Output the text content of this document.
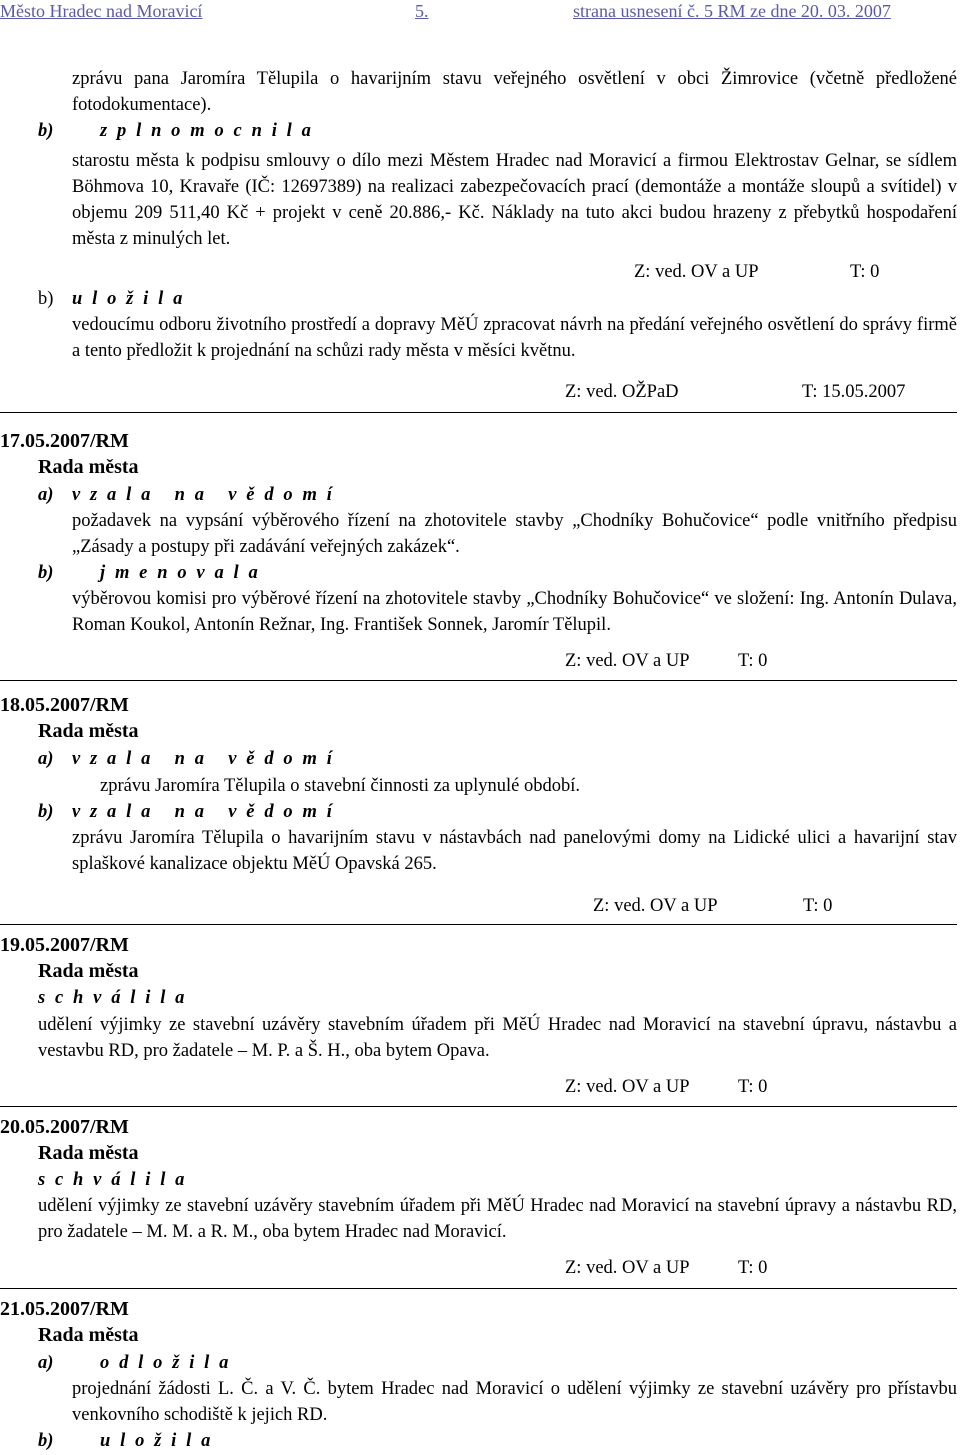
Město Hradec nad Moravicí	5.	strana usnesení č. 5 RM ze dne 20. 03. 2007
zprávu pana Jaromíra Tělupila o havarijním stavu veřejného osvětlení v obci Žimrovice (včetně předložené fotodokumentace).
b)	z p l n o m o c n i l a
starostu města k podpisu smlouvy o dílo mezi Městem Hradec nad Moravicí a firmou Elektrostav Gelnar, se sídlem Böhmova 10, Kravaře (IČ: 12697389) na realizaci zabezpečovacích prací (demontáže a montáže sloupů a svítidel) v objemu 209 511,40 Kč + projekt v ceně 20.886,- Kč. Náklady na tuto akci budou hrazeny z přebytků hospodaření města z minulých let.
Z: ved. OV a UP	T: 0
b) u l o ž i l a
vedoucímu odboru životního prostředí a dopravy MěÚ zpracovat návrh na předání veřejného osvětlení do správy firmě a tento předložit k projednání na schůzi rady města v měsíci květnu.
Z: ved. OŽPaD	T: 15.05.2007
17.05.2007/RM
Rada města
a) v z a l a   n a   v ě d o m í
požadavek na vypsání výběrového řízení na zhotovitele stavby „Chodníky Bohučovice“ podle vnitřního předpisu „Zásady a postupy při zadávání veřejných zakázek“.
b)	j m e n o v a l a
výběrovou komisi pro výběrové řízení na zhotovitele stavby „Chodníky Bohučovice“ ve složení: Ing. Antonín Dulava, Roman Koukol, Antonín Režnar, Ing. František Sonnek, Jaromír Tělupil.
Z: ved. OV a UP	T: 0
18.05.2007/RM
Rada města
a) v z a l a   n a   v ě d o m í
zprávu Jaromíra Tělupila o stavební činnosti za uplynulé období.
b) v z a l a   n a   v ě d o m í
zprávu Jaromíra Tělupila o havarijním stavu v nástavbách nad panelovými domy na Lidické ulici a havarijní stav splaškové kanalizace objektu MěÚ Opavská 265.
Z: ved. OV a UP	T: 0
19.05.2007/RM
Rada města
s c h v á l i l a
udělení výjimky ze stavební uzávěry stavebním úřadem při MěÚ Hradec nad Moravicí na stavební úpravu, nástavbu a vestavbu RD, pro žadatele – M. P. a Š. H., oba bytem Opava.
Z: ved. OV a UP	T: 0
20.05.2007/RM
Rada města
s c h v á l i l a
udělení výjimky ze stavební uzávěry stavebním úřadem při MěÚ Hradec nad Moravicí na stavební úpravy a nástavbu RD, pro žadatele – M. M. a R. M., oba bytem Hradec nad Moravicí.
Z: ved. OV a UP	T: 0
21.05.2007/RM
Rada města
a)	o d l o ž i l a
projednání žádosti L. Č. a V. Č. bytem Hradec nad Moravicí o udělení výjimky ze stavební uzávěry pro přístavbu venkovního schodiště k jejich RD.
b)	u l o ž i l a
